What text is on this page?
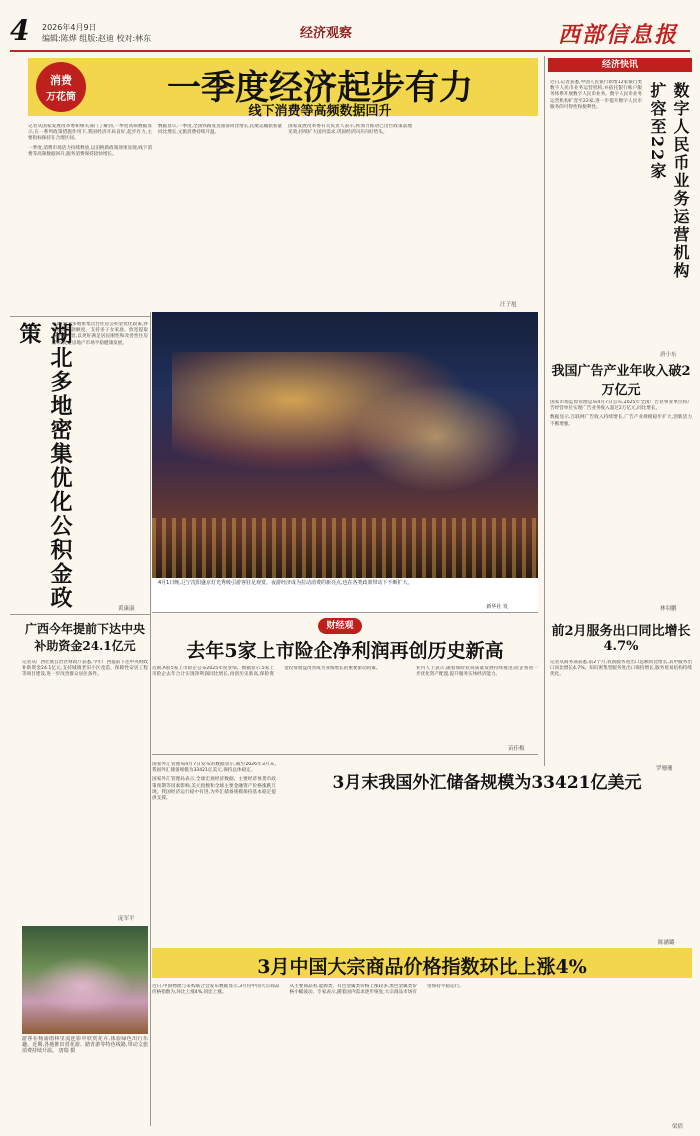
4 2026年4月9日
编辑:陈烨 组版:赵迪 校对:林东	经济观察	西部信息报
消费
万花筒	一季度经济起步有力
线下消费等高频数据回升

记者从国家发展改革委和相关部门了解到,一季度高频数据显示,在一系列政策措施作用下,我国经济开局良好,起步有力,主要指标保持在合理区间。

一季度,消费市场活力持续释放,以旧换新政策效果显现,线下消费等高频数据回升,服务消费保持较快增长。

数据显示,一季度,全国铁路发送旅客同比增长,民航运输旅客量同比增长,文旅消费持续升温。

国家发展改革委有关负责人表示,将加力推动已出台政策落地见效,持续扩大国内需求,巩固经济回升向好势头。

汪子旭
经济快讯
数字人民币业务运营机构扩容至22家

近日,记者获悉,中国人民银行新增12家银行类数字人民币业务运营机构,并依托银行账户服务体系开展数字人民币业务。数字人民币业务运营机构扩容至22家,进一步提升数字人民币服务的可得性和便利性。

唐小东
我国广告产业年收入破2万亿元

国家市场监督管理总局4月7日公布,2025年全国广告业事业单位和广告经营单位实现广告业务收入超过2万亿元,同比增长。

数据显示,互联网广告收入持续增长,广告产业规模稳步扩大,创新活力不断增强。

林羽鹏
前2月服务出口同比增长4.7%

记者从商务部获悉,前2个月,我国服务进出口总额同比增长,其中服务出口同比增长4.7%。知识密集型服务进出口保持增长,服务贸易结构持续优化。

罗珊珊
4月1日晚,辽宁沈阳盛京灯光秀吸引游客驻足观赏。夜游经济成为拉动消费的新亮点,也在各类政策带动下不断扩大。
新华社 发
湖北多地密集优化公积金政策	近期,湖北多地密集出台住房公积金优化政策,涉及提高贷款额度、支持多子女家庭、放宽提取条件等内容,以更好满足居民刚性和改善性住房需求,促进房地产市场平稳健康发展。

黄康康
广西今年提前下达中央补助资金24.1亿元

记者从广西壮族自治区财政厅获悉,今年广西提前下达中央财政补助资金24.1亿元,支持城镇老旧小区改造、保障性安居工程等项目建设,进一步改善群众居住条件。

庞军平
游客在杨浦雨林里流连影中欣赏花卉,体验绿色出行乐趣。近期,各地推出赏花游、踏青游等特色线路,带动文旅消费持续升温。 唐瑞 摄
财经观
去年5家上市险企净利润再创历史新高

近期,A股5家上市险企公布2025年度业绩。数据显示,5家上市险企去年合计实现净利润同比增长,再创历史新高,保险资金投资收益改善成为业绩增长的重要驱动因素。	业内人士表示,随着保险业高质量发展持续推进,险企将进一步优化资产配置,提升服务实体经济能力。

苗佳梅

国家外汇管理局4月7日发布的数据显示,截至2026年3月末,我国外汇储备规模为33421亿美元,保持总体稳定。

国家外汇管理局表示,全球宏观经济数据、主要经济体货币政策预期等因素影响,美元指数和全球主要金融资产价格涨跌互现。我国经济运行稳中有进,为外汇储备规模保持基本稳定提供支撑。

3月末我国外汇储备规模为33421亿美元
陈涵璐
3月中国大宗商品价格指数环比上涨4%

近日,中国物流与采购联合会发布数据显示,3月份中国大宗商品价格指数为,环比上涨4%,同比上涨。

从主要商品看,能源类、有色金属类价格上涨较多,黑色金属类价格小幅波动。专家表示,随着国内需求逐步恢复,大宗商品市场有望保持平稳运行。

梁倩
